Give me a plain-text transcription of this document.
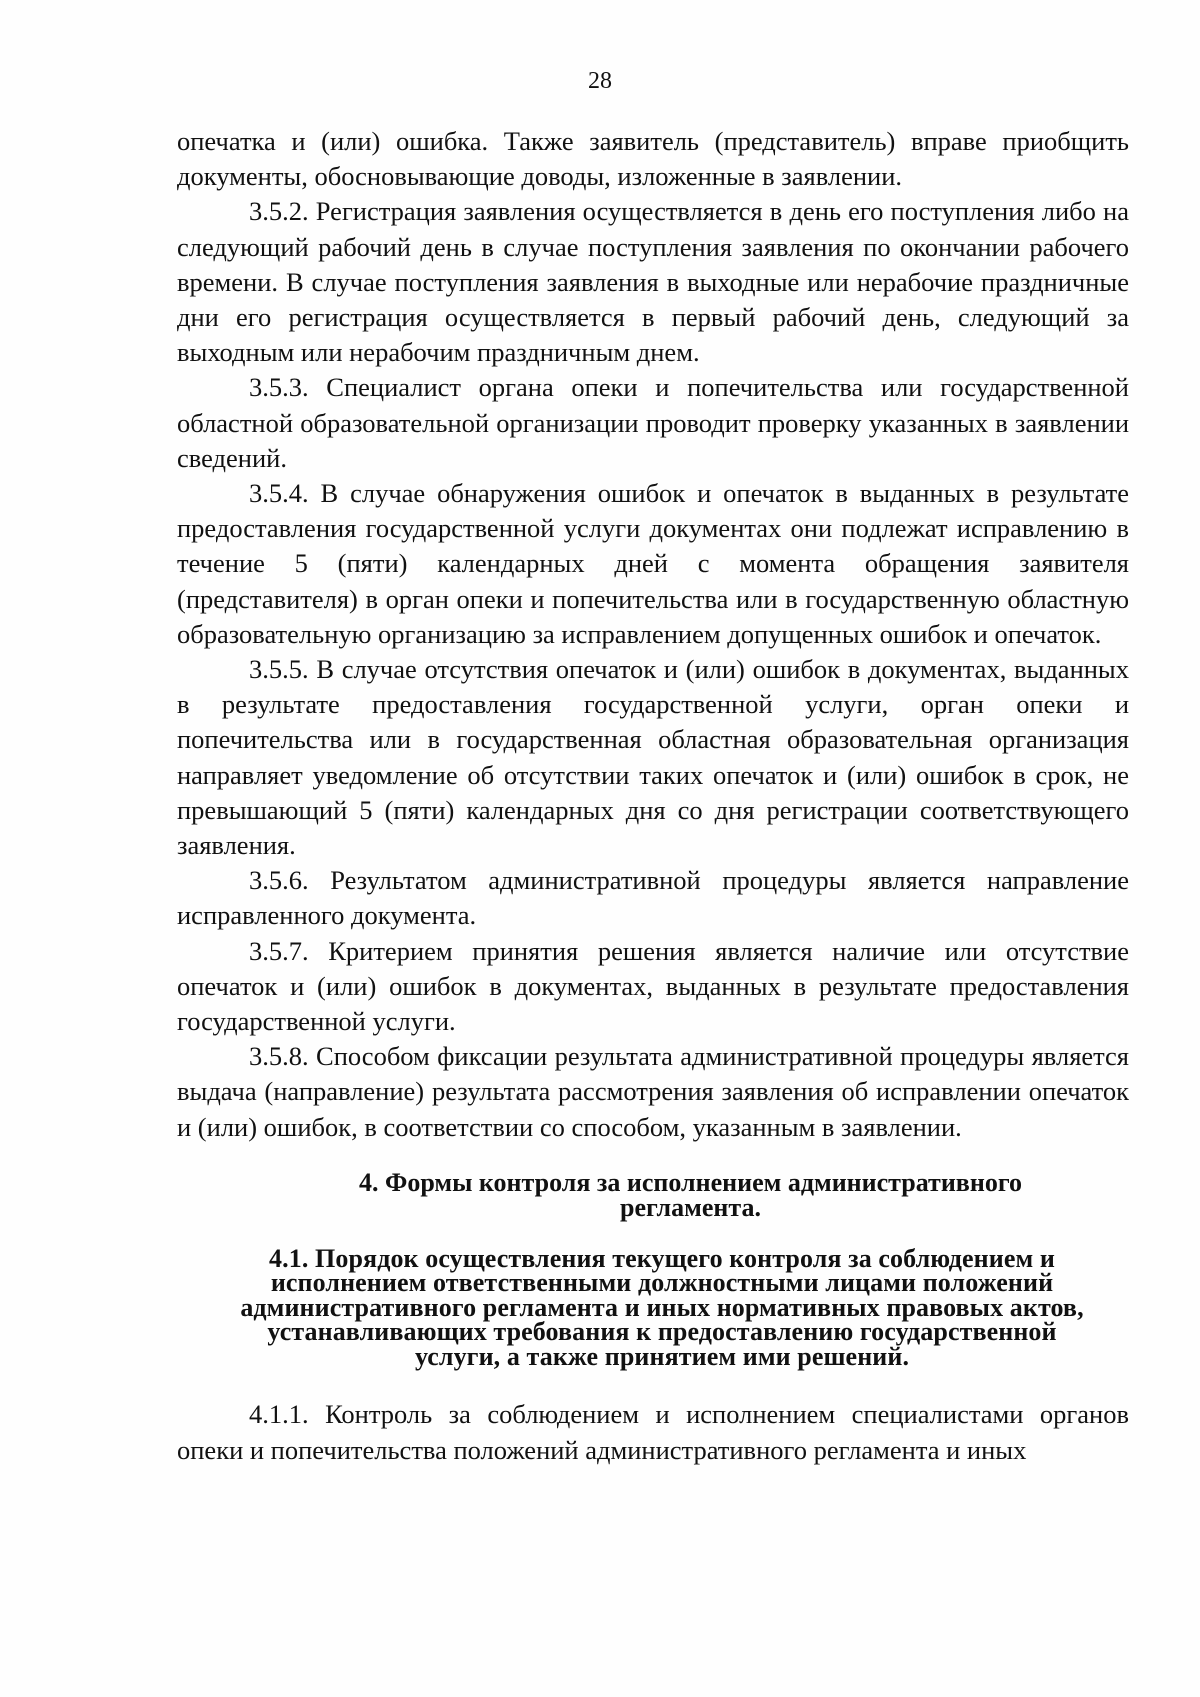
28

опечатка и (или) ошибка. Также заявитель (представитель) вправе приобщить документы, обосновывающие доводы, изложенные в заявлении.

3.5.2. Регистрация заявления осуществляется в день его поступления либо на следующий рабочий день в случае поступления заявления по окончании рабочего времени. В случае поступления заявления в выходные или нерабочие праздничные дни его регистрация осуществляется в первый рабочий день, следующий за выходным или нерабочим праздничным днем.

3.5.3. Специалист органа опеки и попечительства или государственной областной образовательной организации проводит проверку указанных в заявлении сведений.

3.5.4. В случае обнаружения ошибок и опечаток в выданных в результате предоставления государственной услуги документах они подлежат исправлению в течение 5 (пяти) календарных дней с момента обращения заявителя (представителя) в орган опеки и попечительства или в государственную областную образовательную организацию за исправлением допущенных ошибок и опечаток.

3.5.5. В случае отсутствия опечаток и (или) ошибок в документах, выданных в результате предоставления государственной услуги, орган опеки и попечительства или в государственная областная образовательная организация направляет уведомление об отсутствии таких опечаток и (или) ошибок в срок, не превышающий 5 (пяти) календарных дня со дня регистрации соответствующего заявления.

3.5.6. Результатом административной процедуры является направление исправленного документа.

3.5.7. Критерием принятия решения является наличие или отсутствие опечаток и (или) ошибок в документах, выданных в результате предоставления государственной услуги.

3.5.8. Способом фиксации результата административной процедуры является выдача (направление) результата рассмотрения заявления об исправлении опечаток и (или) ошибок, в соответствии со способом, указанным в заявлении.

4. Формы контроля за исполнением административного
регламента.
4.1. Порядок осуществления текущего контроля за соблюдением и
исполнением ответственными должностными лицами положений
административного регламента и иных нормативных правовых актов,
устанавливающих требования к предоставлению государственной
услуги, а также принятием ими решений.

4.1.1. Контроль за соблюдением и исполнением специалистами органов опеки и попечительства положений административного регламента и иных
